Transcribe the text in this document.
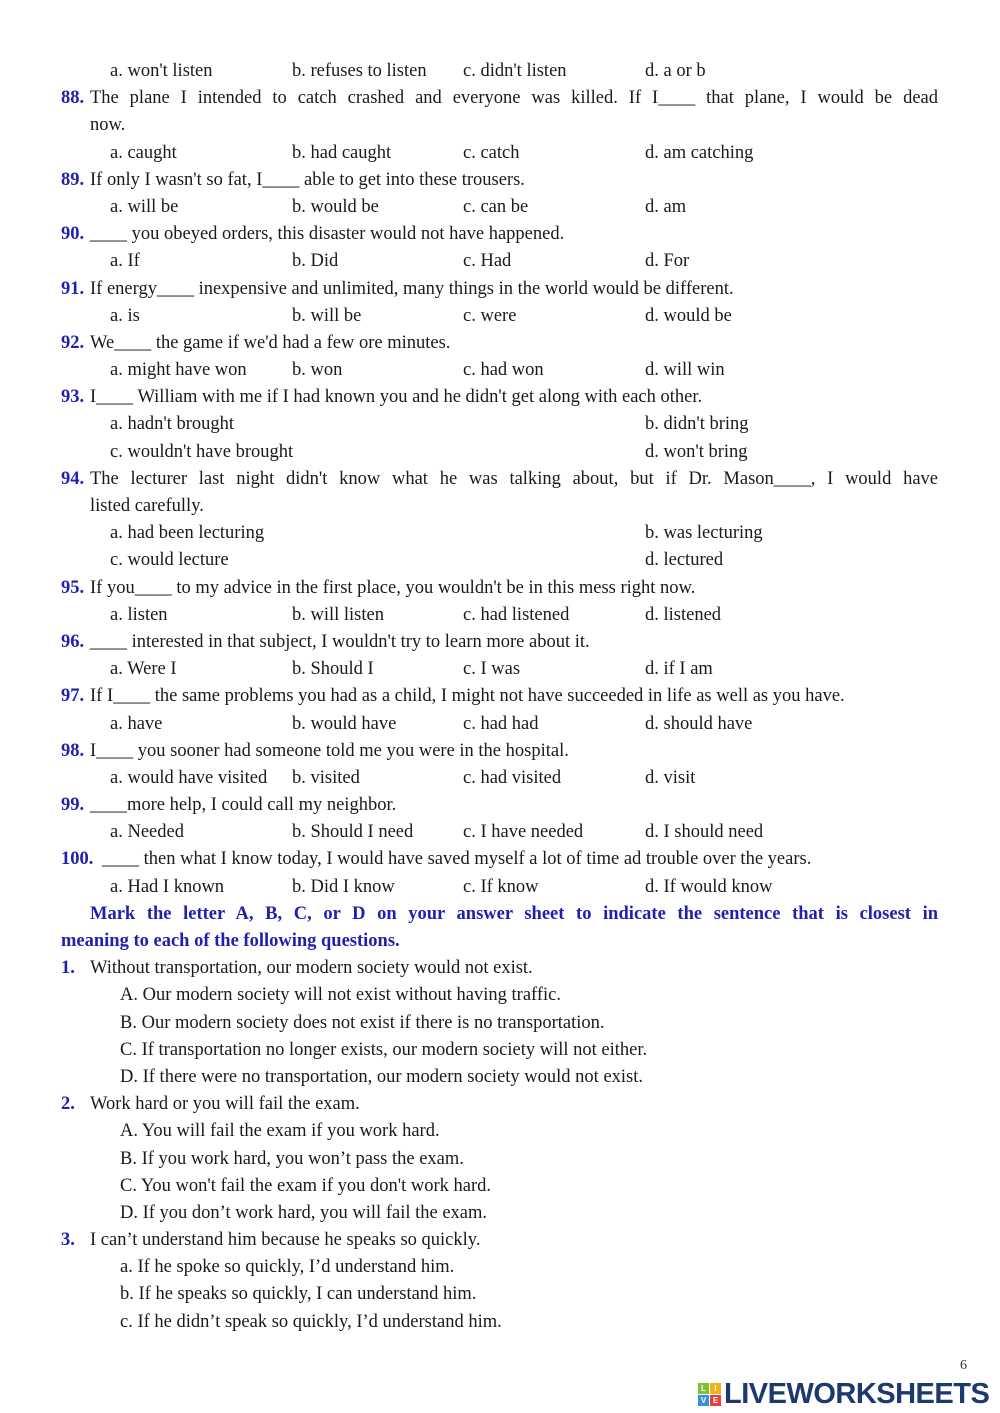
a. won't listen	b. refuses to listen c. didn't listen	d. a or b
88. The plane I intended to catch crashed and everyone was killed. If I____ that plane, I would be dead
now.
a. caught	b. had caught	c. catch	d. am catching
89. If only I wasn't so fat, I____ able to get into these trousers.
a. will be	b. would be	c. can be	d. am
90. ____ you obeyed orders, this disaster would not have happened.
a. If	b. Did	c. Had	d. For
91. If energy____ inexpensive and unlimited, many things in the world would be different.
a. is	b. will be	c. were	d. would be
92. We____ the game if we'd had a few ore minutes.
a. might have won b. won	c. had won	d. will win
93. I____ William with me if I had known you and he didn't get along with each other.
a. hadn't brought	b. didn't bring
c. wouldn't have brought	d. won't bring
94. The lecturer last night didn't know what he was talking about, but if Dr. Mason____, I would have
listed carefully.
a. had been lecturing	b. was lecturing
c. would lecture	d. lectured
95. If you____ to my advice in the first place, you wouldn't be in this mess right now.
a. listen	b. will listen	c. had listened	d. listened
96. ____ interested in that subject, I wouldn't try to learn more about it.
a. Were I	b. Should I	c. I was	d. if I am
97. If I____ the same problems you had as a child, I might not have succeeded in life as well as you have.
a. have	b. would have	c. had had	d. should have
98. I____ you sooner had someone told me you were in the hospital.
a. would have visited b. visited	c. had visited	d. visit
99. ____more help, I could call my neighbor.
a. Needed	b. Should I need	c. I have needed	d. I should need
100. ____ then what I know today, I would have saved myself a lot of time ad trouble over the years.
a. Had I known	b. Did I know	c. If know	d. If would know
Mark the letter A, B, C, or D on your answer sheet to indicate the sentence that is closest in
meaning to each of the following questions.
1. Without transportation, our modern society would not exist.
A. Our modern society will not exist without having traffic.
B. Our modern society does not exist if there is no transportation.
C. If transportation no longer exists, our modern society will not either.
D. If there were no transportation, our modern society would not exist.
2. Work hard or you will fail the exam.
A. You will fail the exam if you work hard.
B. If you work hard, you won’t pass the exam.
C. You won't fail the exam if you don't work hard.
D. If you don’t work hard, you will fail the exam.
3. I can’t understand him because he speaks so quickly.
a. If he spoke so quickly, I’d understand him.
b. If he speaks so quickly, I can understand him.
c. If he didn’t speak so quickly, I’d understand him.
L	I
V E LIVEWORKSHEETS
6
